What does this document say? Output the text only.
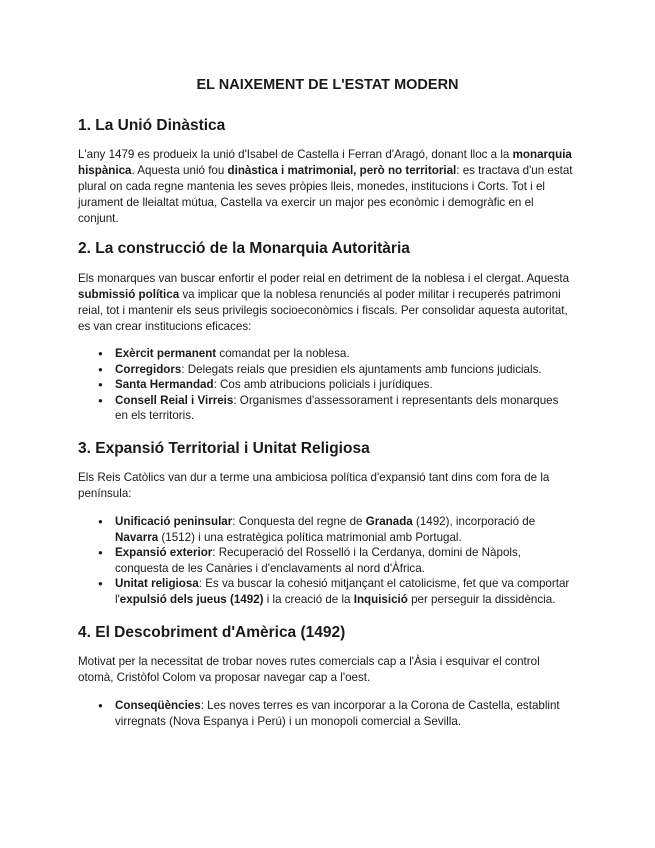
EL NAIXEMENT DE L'ESTAT MODERN
1. La Unió Dinàstica

L'any 1479 es produeix la unió d'Isabel de Castella i Ferran d'Aragó, donant lloc a la monarquia hispànica. Aquesta unió fou dinàstica i matrimonial, però no territorial: es tractava d'un estat plural on cada regne mantenia les seves pròpies lleis, monedes, institucions i Corts. Tot i el jurament de lleialtat mútua, Castella va exercir un major pes econòmic i demogràfic en el conjunt.

2. La construcció de la Monarquia Autoritària

Els monarques van buscar enfortir el poder reial en detriment de la noblesa i el clergat. Aquesta submissió política va implicar que la noblesa renunciés al poder militar i recuperés patrimoni reial, tot i mantenir els seus privilegis socioeconòmics i fiscals. Per consolidar aquesta autoritat, es van crear institucions eficaces:

● Exèrcit permanent comandat per la noblesa.
● Corregidors: Delegats reials que presidien els ajuntaments amb funcions judicials.
● Santa Hermandad: Cos amb atribucions policials i jurídiques.
● Consell Reial i Virreis: Organismes d'assessorament i representants dels monarques en els territoris.
3. Expansió Territorial i Unitat Religiosa

Els Reis Catòlics van dur a terme una ambiciosa política d'expansió tant dins com fora de la península:

● Unificació peninsular: Conquesta del regne de Granada (1492), incorporació de Navarra (1512) i una estratègica política matrimonial amb Portugal.
● Expansió exterior: Recuperació del Rosselló i la Cerdanya, domini de Nàpols, conquesta de les Canàries i d'enclavaments al nord d'Àfrica.
● Unitat religiosa: Es va buscar la cohesió mitjançant el catolicisme, fet que va comportar l'expulsió dels jueus (1492) i la creació de la Inquisició per perseguir la dissidència.
4. El Descobriment d'Amèrica (1492)

Motivat per la necessitat de trobar noves rutes comercials cap a l'Àsia i esquivar el control otomà, Cristòfol Colom va proposar navegar cap a l'oest.

● Conseqüències: Les noves terres es van incorporar a la Corona de Castella, establint virregnats (Nova Espanya i Perú) i un monopoli comercial a Sevilla.
